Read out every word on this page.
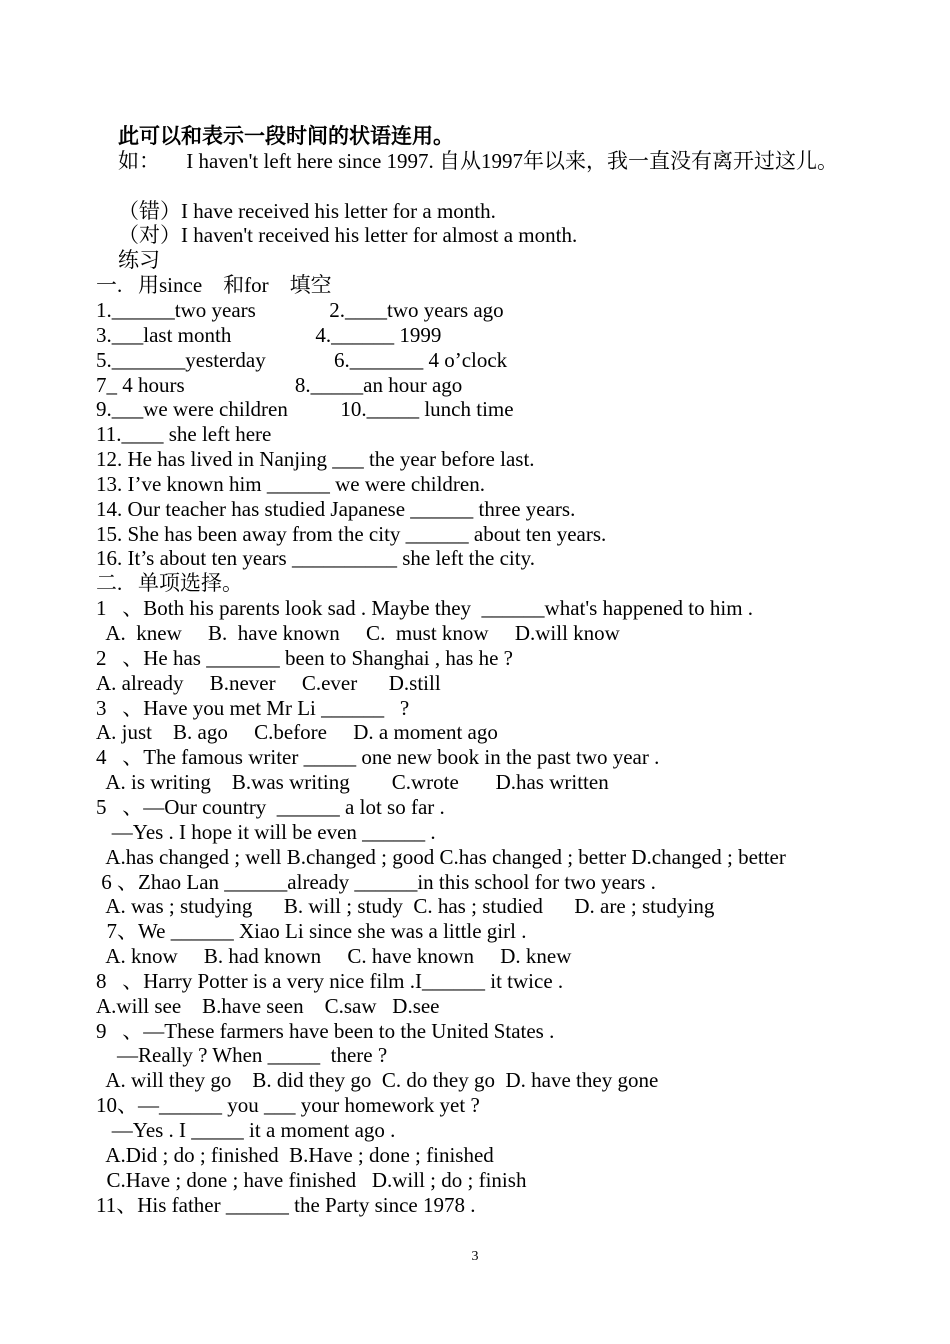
此可以和表示一段时间的状语连用。
如：     I haven't left here since 1997. 自从1997年以来，我一直没有离开过这儿。
（错）I have received his letter for a month.
（对）I haven't received his letter for almost a month.
练习
一.   用since    和for    填空
1.______two years              2.____two years ago
3.___last month                4.______ 1999
5._______yesterday             6._______ 4 o’clock
7_ 4 hours                     8._____an hour ago
9.___we were children          10._____ lunch time
11.____ she left here
12. He has lived in Nanjing ___ the year before last.
13. I’ve known him ______ we were children.
14. Our teacher has studied Japanese ______ three years.
15. She has been away from the city ______ about ten years.
16. It’s about ten years __________ she left the city.
二.   单项选择。
1   、Both his parents look sad . Maybe they  ______what's happened to him .
A.  knew     B.  have known     C.  must know     D.will know
2   、He has _______ been to Shanghai , has he ?
A. already     B.never     C.ever      D.still
3   、Have you met Mr Li ______   ?
A. just    B. ago     C.before     D. a moment ago
4   、The famous writer _____ one new book in the past two year .
A. is writing    B.was writing        C.wrote       D.has written
5   、—Our country  ______ a lot so far .
—Yes . I hope it will be even ______ .
A.has changed ; well B.changed ; good C.has changed ; better D.changed ; better
6 、Zhao Lan ______already ______in this school for two years .
A. was ; studying      B. will ; study  C. has ; studied      D. are ; studying
7、We ______ Xiao Li since she was a little girl .
A. know     B. had known     C. have known     D. knew
8   、Harry Potter is a very nice film .I______ it twice .
A.will see    B.have seen    C.saw   D.see
9   、—These farmers have been to the United States .
—Really ? When _____  there ?
A. will they go    B. did they go  C. do they go  D. have they gone
10、—______ you ___ your homework yet ?
—Yes . I _____ it a moment ago .
A.Did ; do ; finished  B.Have ; done ; finished
C.Have ; done ; have finished   D.will ; do ; finish
11、His father ______ the Party since 1978 .
3
